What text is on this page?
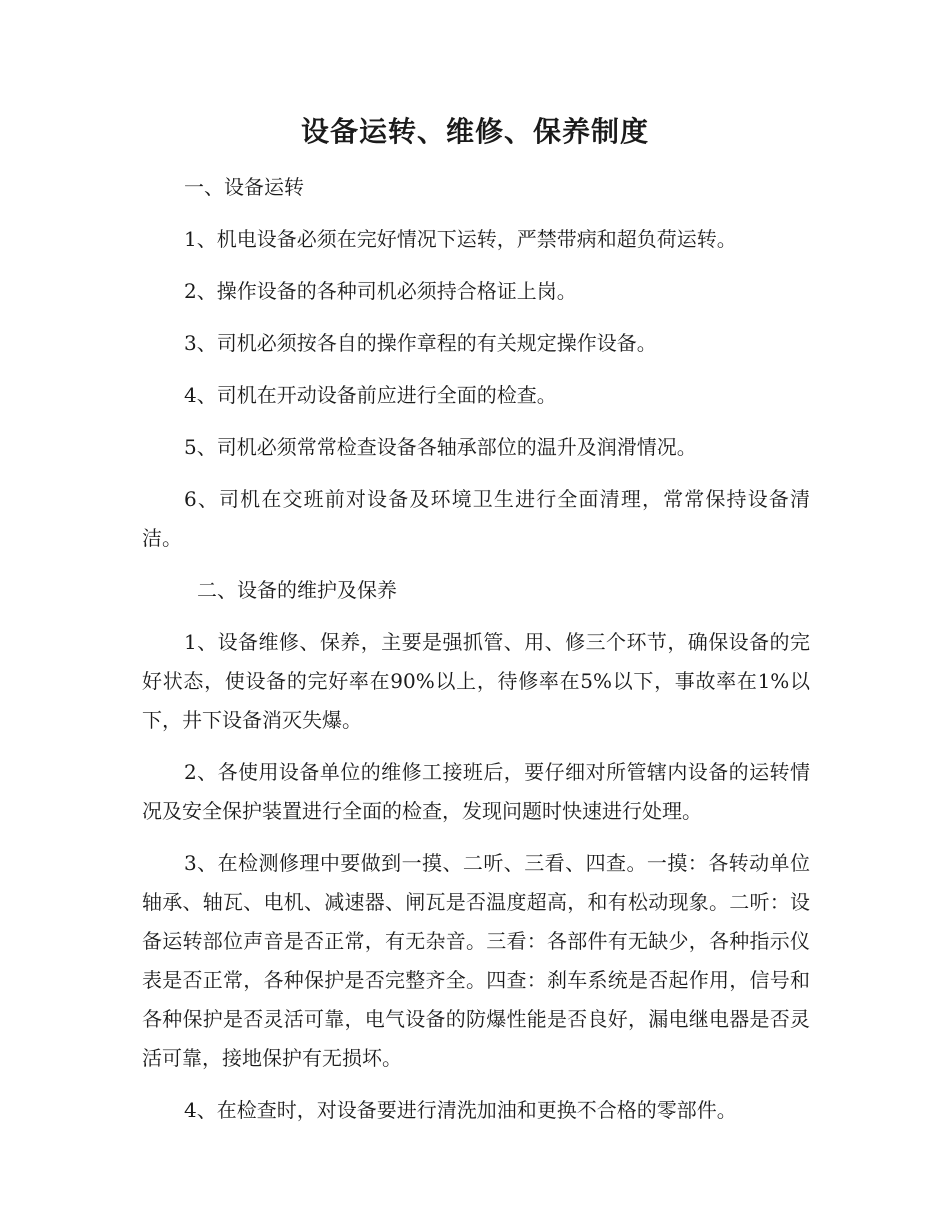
设备运转、维修、保养制度
一、设备运转

1、机电设备必须在完好情况下运转，严禁带病和超负荷运转。

2、操作设备的各种司机必须持合格证上岗。

3、司机必须按各自的操作章程的有关规定操作设备。

4、司机在开动设备前应进行全面的检查。

5、司机必须常常检查设备各轴承部位的温升及润滑情况。

6、司机在交班前对设备及环境卫生进行全面清理，常常保持设备清洁。

二、设备的维护及保养

1、设备维修、保养，主要是强抓管、用、修三个环节，确保设备的完好状态，使设备的完好率在90%以上，待修率在5%以下，事故率在1%以下，井下设备消灭失爆。

2、各使用设备单位的维修工接班后，要仔细对所管辖内设备的运转情况及安全保护装置进行全面的检查，发现问题时快速进行处理。

3、在检测修理中要做到一摸、二听、三看、四查。一摸：各转动单位轴承、轴瓦、电机、减速器、闸瓦是否温度超高，和有松动现象。二听：设备运转部位声音是否正常，有无杂音。三看：各部件有无缺少，各种指示仪表是否正常，各种保护是否完整齐全。四查：刹车系统是否起作用，信号和各种保护是否灵活可靠，电气设备的防爆性能是否良好，漏电继电器是否灵活可靠，接地保护有无损坏。

4、在检查时，对设备要进行清洗加油和更换不合格的零部件。
